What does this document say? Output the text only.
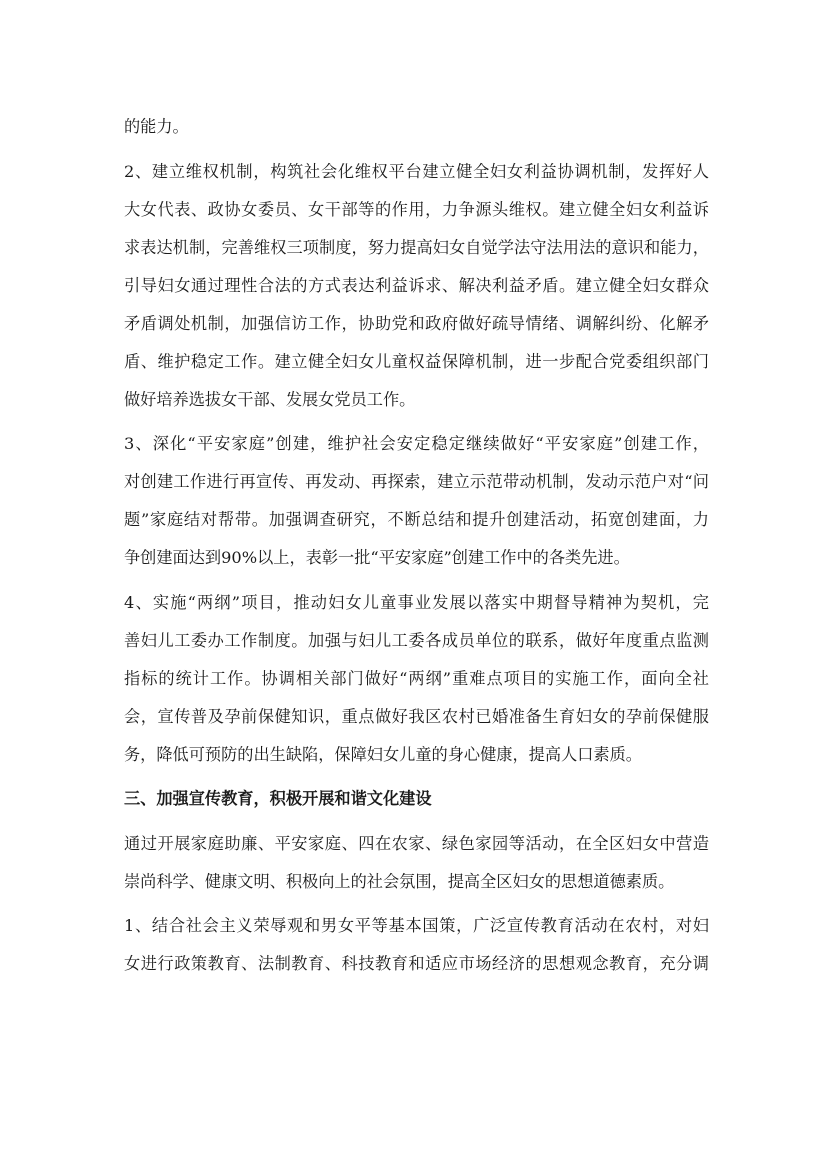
的能力。
2、建立维权机制，构筑社会化维权平台建立健全妇女利益协调机制，发挥好人
大女代表、政协女委员、女干部等的作用，力争源头维权。建立健全妇女利益诉
求表达机制，完善维权三项制度，努力提高妇女自觉学法守法用法的意识和能力，
引导妇女通过理性合法的方式表达利益诉求、解决利益矛盾。建立健全妇女群众
矛盾调处机制，加强信访工作，协助党和政府做好疏导情绪、调解纠纷、化解矛
盾、维护稳定工作。建立健全妇女儿童权益保障机制，进一步配合党委组织部门
做好培养选拔女干部、发展女党员工作。
3、深化“平安家庭”创建，维护社会安定稳定继续做好“平安家庭”创建工作，
对创建工作进行再宣传、再发动、再探索，建立示范带动机制，发动示范户对“问
题”家庭结对帮带。加强调查研究，不断总结和提升创建活动，拓宽创建面，力
争创建面达到90%以上，表彰一批“平安家庭”创建工作中的各类先进。
4、实施“两纲”项目，推动妇女儿童事业发展以落实中期督导精神为契机，完
善妇儿工委办工作制度。加强与妇儿工委各成员单位的联系，做好年度重点监测
指标的统计工作。协调相关部门做好“两纲”重难点项目的实施工作，面向全社
会，宣传普及孕前保健知识，重点做好我区农村已婚准备生育妇女的孕前保健服
务，降低可预防的出生缺陷，保障妇女儿童的身心健康，提高人口素质。
三、加强宣传教育，积极开展和谐文化建设
通过开展家庭助廉、平安家庭、四在农家、绿色家园等活动，在全区妇女中营造
崇尚科学、健康文明、积极向上的社会氛围，提高全区妇女的思想道德素质。
1、结合社会主义荣辱观和男女平等基本国策，广泛宣传教育活动在农村，对妇
女进行政策教育、法制教育、科技教育和适应市场经济的思想观念教育，充分调
